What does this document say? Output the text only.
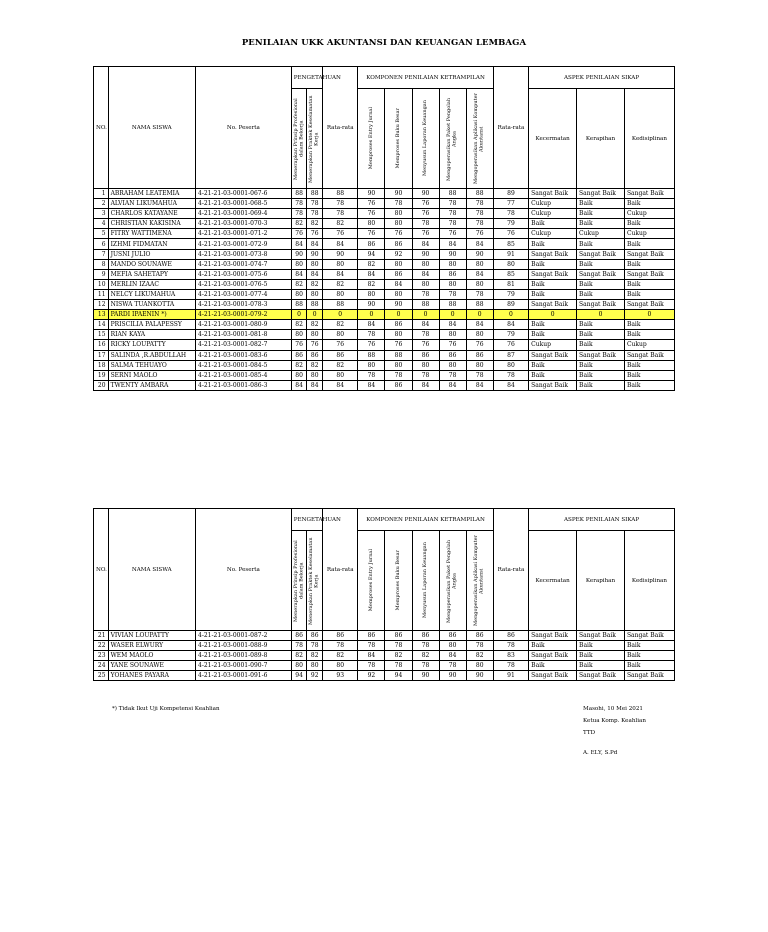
PENILAIAN UKK AKUNTANSI DAN KEUANGAN LEMBAGA
NO.	NAMA SISWA	No. Peserta	PENGETAHUAN		Rata-rata	KOMPONEN PENILAIAN KETRAMPILAN					Rata-rata	ASPEK PENILAIAN SIKAP		

			Menerapkan Prinsip Profesional dalam Bekerja	Menerapkan Praktek Keselamatan Kerja		Memproses Entry Jurnal	Memproses Buku Besar	Menyusun Laporan Keuangan	Mengoperasikan Paket Pengolah Angka	Mengoperasikan Aplikasi Komputer Akuntansi		Kecermatan	Kerapihan	Kedisiplinan
1	ABRAHAM LEATEMIA	4-21-21-03-0001-067-6	88	88	88	90	90	90	88	88	89	Sangat Baik	Sangat Baik	Sangat Baik
2	ALVIAN LIKUMAHUA	4-21-21-03-0001-068-5	78	78	78	76	78	76	78	78	77	Cukup	Baik	Baik
3	CHARLOS KATAYANE	4-21-21-03-0001-069-4	78	78	78	76	80	76	78	78	78	Cukup	Baik	Cukup
4	CHRISTIAN KAKISINA	4-21-21-03-0001-070-3	82	82	82	80	80	78	78	78	79	Baik	Baik	Baik
5	FITRY WATTIMENA	4-21-21-03-0001-071-2	76	76	76	76	76	76	76	76	76	Cukup	Cukup	Cukup
6	IZHMI FIDMATAN	4-21-21-03-0001-072-9	84	84	84	86	86	84	84	84	85	Baik	Baik	Baik
7	JUSNI JULIO	4-21-21-03-0001-073-8	90	90	90	94	92	90	90	90	91	Sangat Baik	Sangat Baik	Sangat Baik
8	MANDO SOUNAWE	4-21-21-03-0001-074-7	80	80	80	82	80	80	80	80	80	Baik	Baik	Baik
9	MEFIA SAHETAPY	4-21-21-03-0001-075-6	84	84	84	84	86	84	86	84	85	Sangat Baik	Sangat Baik	Sangat Baik
10	MERLIN IZAAC	4-21-21-03-0001-076-5	82	82	82	82	84	80	80	80	81	Baik	Baik	Baik
11	NELCY LIKUMAHUA	4-21-21-03-0001-077-4	80	80	80	80	80	78	78	78	79	Baik	Baik	Baik
12	NISWA TUANKOTTA	4-21-21-03-0001-078-3	88	88	88	90	90	88	88	88	89	Sangat Baik	Sangat Baik	Sangat Baik
13	PARDI IPAENIN *)	4-21-21-03-0001-079-2	0	0	0	0	0	0	0	0	0	0	0	0
14	PRISCILIA PALAPESSY	4-21-21-03-0001-080-9	82	82	82	84	86	84	84	84	84	Baik	Baik	Baik
15	RIAN KAYA	4-21-21-03-0001-081-8	80	80	80	78	80	78	80	80	79	Baik	Baik	Baik
16	RICKY LOUPATTY	4-21-21-03-0001-082-7	76	76	76	76	76	76	76	76	76	Cukup	Baik	Cukup
17	SALINDA ,R.ABDULLAH	4-21-21-03-0001-083-6	86	86	86	88	88	86	86	86	87	Sangat Baik	Sangat Baik	Sangat Baik
18	SALMA TEHUAYO	4-21-21-03-0001-084-5	82	82	82	80	80	80	80	80	80	Baik	Baik	Baik
19	SERNI MAOLO	4-21-21-03-0001-085-4	80	80	80	78	78	78	78	78	78	Baik	Baik	Baik
20	TWENTY AMBARA	4-21-21-03-0001-086-3	84	84	84	84	86	84	84	84	84	Sangat Baik	Baik	Baik
NO.	NAMA SISWA	No. Peserta	PENGETAHUAN		Rata-rata	KOMPONEN PENILAIAN KETRAMPILAN					Rata-rata	ASPEK PENILAIAN SIKAP		

			Menerapkan Prinsip Profesional dalam Bekerja	Menerapkan Praktek Keselamatan Kerja		Memproses Entry Jurnal	Memproses Buku Besar	Menyusun Laporan Keuangan	Mengoperasikan Paket Pengolah Angka	Mengoperasikan Aplikasi Komputer Akuntansi		Kecermatan	Kerapihan	Kedisiplinan
21	VIVIAN LOUPATTY	4-21-21-03-0001-087-2	86	86	86	86	86	86	86	86	86	Sangat Baik	Sangat Baik	Sangat Baik
22	WASER ELWURY	4-21-21-03-0001-088-9	78	78	78	78	78	78	80	78	78	Baik	Baik	Baik
23	WEM MAOLO	4-21-21-03-0001-089-8	82	82	82	84	82	82	84	82	83	Sangat Baik	Baik	Baik
24	YANE SOUNAWE	4-21-21-03-0001-090-7	80	80	80	78	78	78	78	80	78	Baik	Baik	Baik
25	YOHANES PAYARA	4-21-21-03-0001-091-6	94	92	93	92	94	90	90	90	91	Sangat Baik	Sangat Baik	Sangat Baik
*) Tidak Ikut Uji Kompetensi Keahlian	Masohi, 10 Mei 2021
Ketua Komp. Keahlian
TTD
A. ELY, S.Pd
